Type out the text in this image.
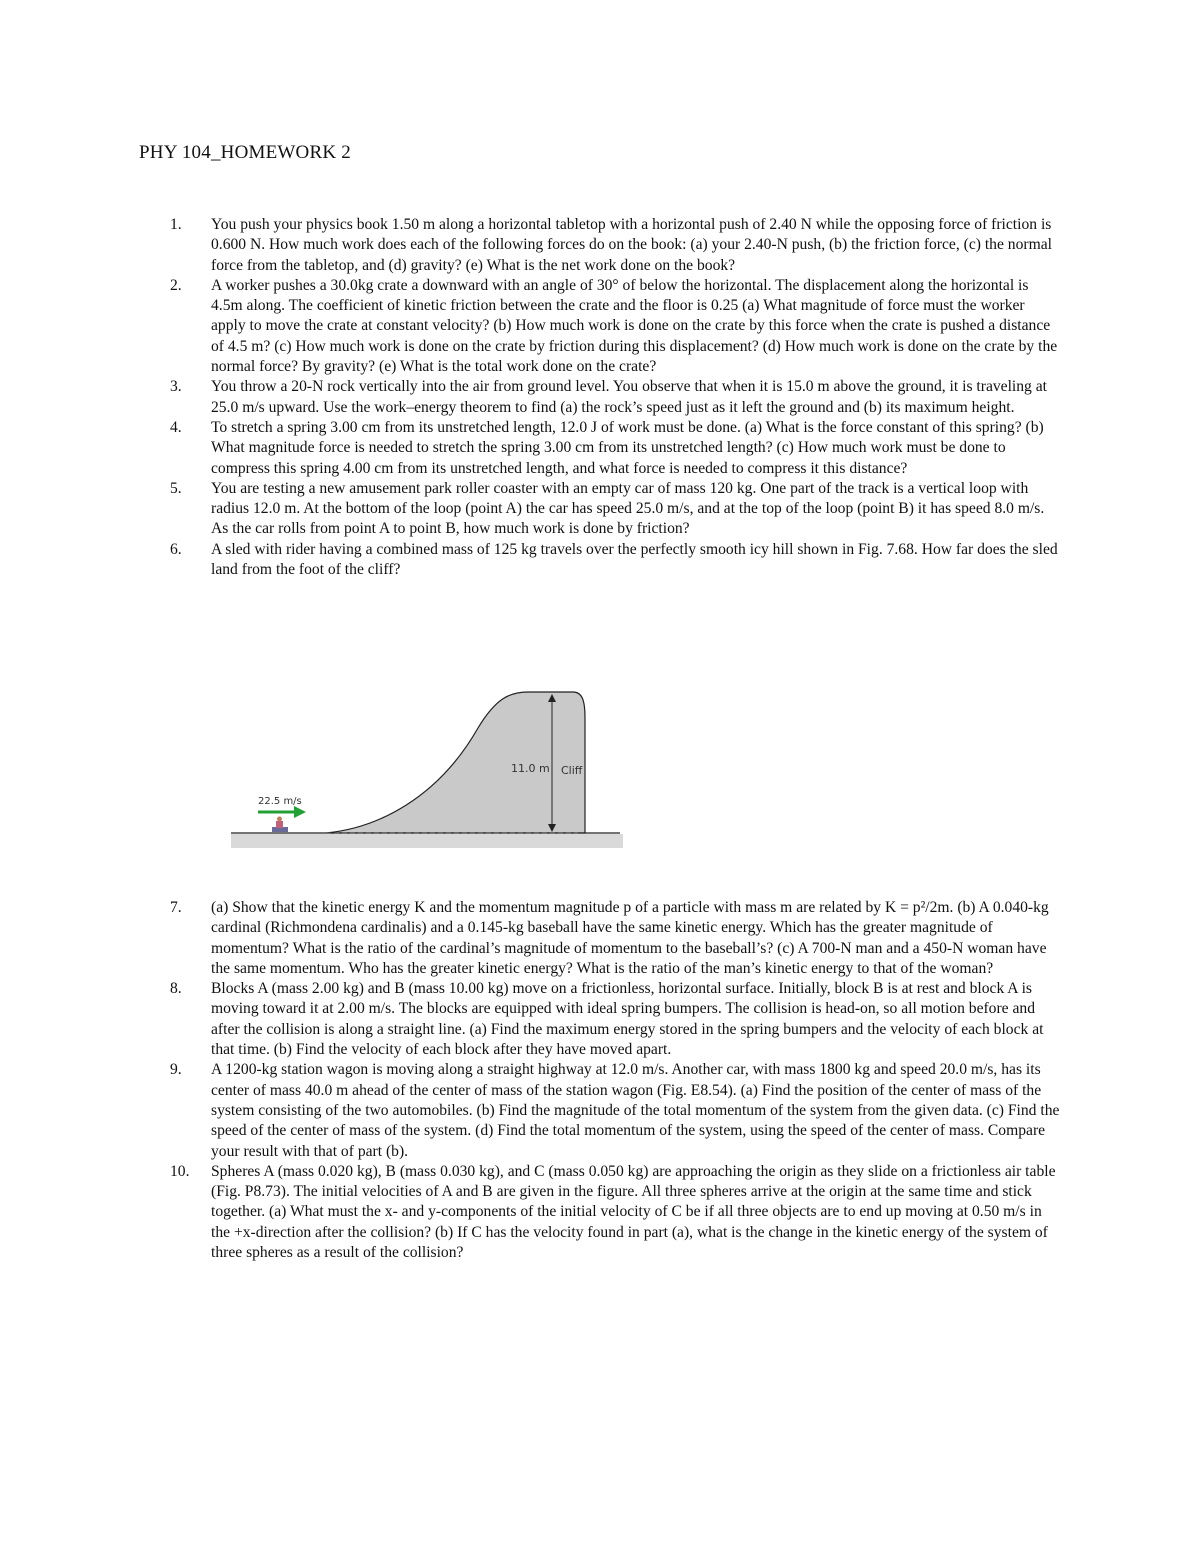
PHY 104_HOMEWORK 2
1. You push your physics book 1.50 m along a horizontal tabletop with a horizontal push of 2.40 N while the opposing force of friction is 0.600 N. How much work does each of the following forces do on the book: (a) your 2.40-N push, (b) the friction force, (c) the normal force from the tabletop, and (d) gravity? (e) What is the net work done on the book?
2. A worker pushes a 30.0kg crate a downward with an angle of 30° of below the horizontal. The displacement along the horizontal is 4.5m along. The coefficient of kinetic friction between the crate and the floor is 0.25 (a) What magnitude of force must the worker apply to move the crate at constant velocity? (b) How much work is done on the crate by this force when the crate is pushed a distance of 4.5 m? (c) How much work is done on the crate by friction during this displacement? (d) How much work is done on the crate by the normal force? By gravity? (e) What is the total work done on the crate?
3. You throw a 20-N rock vertically into the air from ground level. You observe that when it is 15.0 m above the ground, it is traveling at 25.0 m/s upward. Use the work–energy theorem to find (a) the rock’s speed just as it left the ground and (b) its maximum height.
4. To stretch a spring 3.00 cm from its unstretched length, 12.0 J of work must be done. (a) What is the force constant of this spring? (b) What magnitude force is needed to stretch the spring 3.00 cm from its unstretched length? (c) How much work must be done to compress this spring 4.00 cm from its unstretched length, and what force is needed to compress it this distance?
5. You are testing a new amusement park roller coaster with an empty car of mass 120 kg. One part of the track is a vertical loop with radius 12.0 m. At the bottom of the loop (point A) the car has speed 25.0 m/s, and at the top of the loop (point B) it has speed 8.0 m/s. As the car rolls from point A to point B, how much work is done by friction?
6. A sled with rider having a combined mass of 125 kg travels over the perfectly smooth icy hill shown in Fig. 7.68. How far does the sled land from the foot of the cliff?
11.0 m Cliff
22.5 m/s
7. (a) Show that the kinetic energy K and the momentum magnitude p of a particle with mass m are related by K = p²/2m. (b) A 0.040-kg cardinal (Richmondena cardinalis) and a 0.145-kg baseball have the same kinetic energy. Which has the greater magnitude of momentum? What is the ratio of the cardinal’s magnitude of momentum to the baseball’s? (c) A 700-N man and a 450-N woman have the same momentum. Who has the greater kinetic energy? What is the ratio of the man’s kinetic energy to that of the woman?
8. Blocks A (mass 2.00 kg) and B (mass 10.00 kg) move on a frictionless, horizontal surface. Initially, block B is at rest and block A is moving toward it at 2.00 m/s. The blocks are equipped with ideal spring bumpers. The collision is head-on, so all motion before and after the collision is along a straight line. (a) Find the maximum energy stored in the spring bumpers and the velocity of each block at that time. (b) Find the velocity of each block after they have moved apart.
9. A 1200-kg station wagon is moving along a straight highway at 12.0 m/s. Another car, with mass 1800 kg and speed 20.0 m/s, has its center of mass 40.0 m ahead of the center of mass of the station wagon (Fig. E8.54). (a) Find the position of the center of mass of the system consisting of the two automobiles. (b) Find the magnitude of the total momentum of the system from the given data. (c) Find the speed of the center of mass of the system. (d) Find the total momentum of the system, using the speed of the center of mass. Compare your result with that of part (b).
10. Spheres A (mass 0.020 kg), B (mass 0.030 kg), and C (mass 0.050 kg) are approaching the origin as they slide on a frictionless air table (Fig. P8.73). The initial velocities of A and B are given in the figure. All three spheres arrive at the origin at the same time and stick together. (a) What must the x- and y-components of the initial velocity of C be if all three objects are to end up moving at 0.50 m/s in the +x-direction after the collision? (b) If C has the velocity found in part (a), what is the change in the kinetic energy of the system of three spheres as a result of the collision?
